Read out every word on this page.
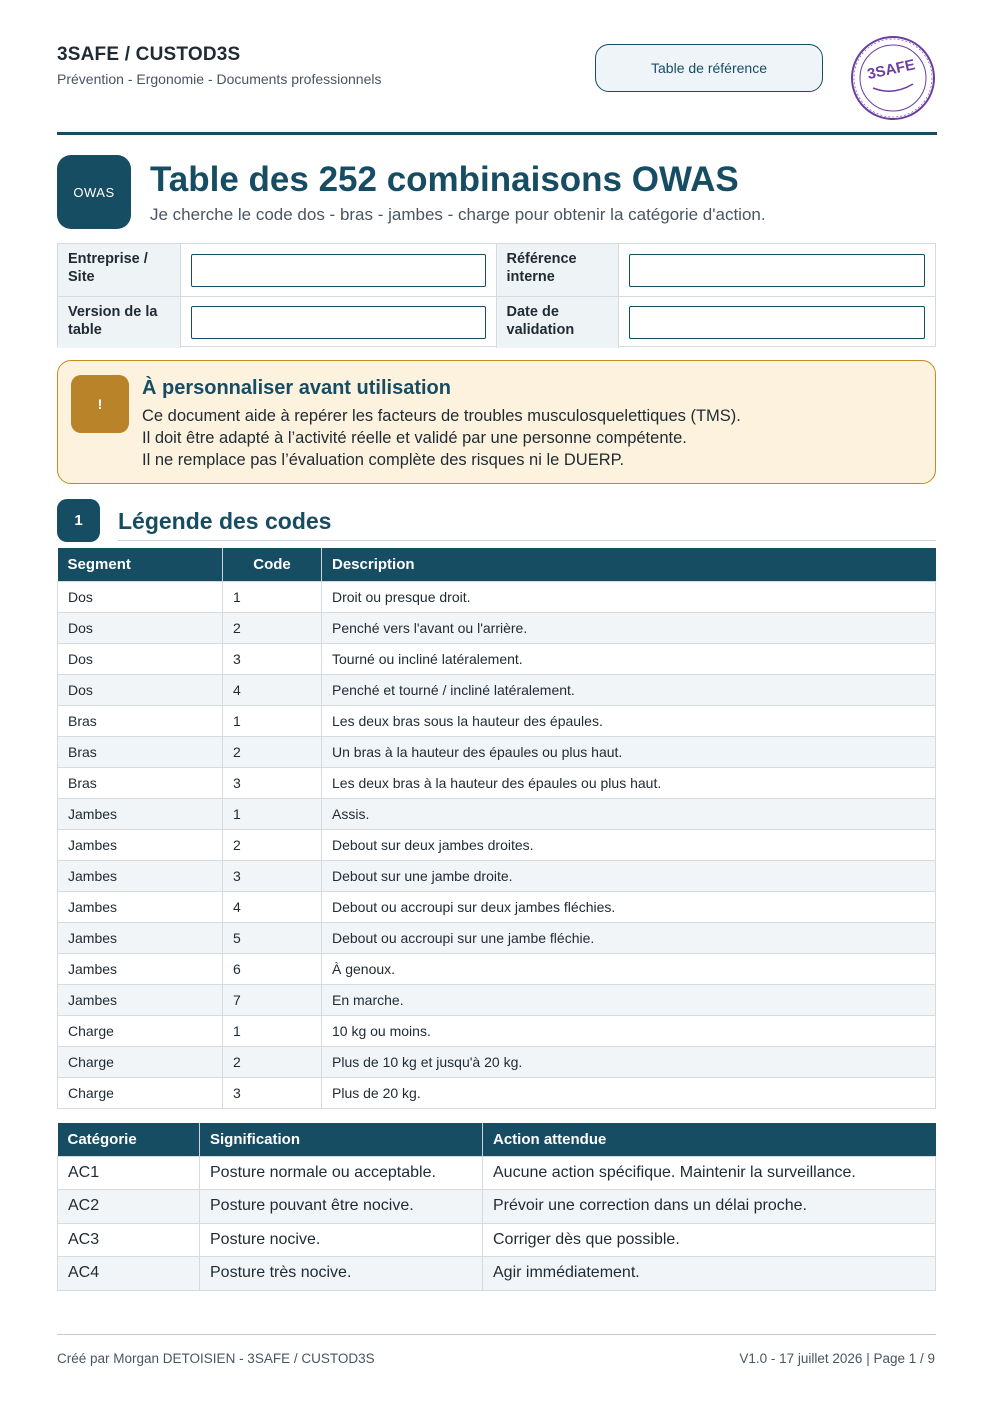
3SAFE / CUSTOD3S
Prévention - Ergonomie - Documents professionnels
Table de référence	3SAFE
OWAS	Table des 252 combinaisons OWAS
Je cherche le code dos - bras - jambes - charge pour obtenir la catégorie d'action.
Entreprise / Site
Référence interne
Version de la table
Date de validation
!
À personnaliser avant utilisation
Ce document aide à repérer les facteurs de troubles musculosquelettiques (TMS).
Il doit être adapté à l’activité réelle et validé par une personne compétente.
Il ne remplace pas l’évaluation complète des risques ni le DUERP.
1	Légende des codes
Segment	Code	Description
Dos	1	Droit ou presque droit.
Dos	2	Penché vers l'avant ou l'arrière.
Dos	3	Tourné ou incliné latéralement.
Dos	4	Penché et tourné / incliné latéralement.
Bras	1	Les deux bras sous la hauteur des épaules.
Bras	2	Un bras à la hauteur des épaules ou plus haut.
Bras	3	Les deux bras à la hauteur des épaules ou plus haut.
Jambes	1	Assis.
Jambes	2	Debout sur deux jambes droites.
Jambes	3	Debout sur une jambe droite.
Jambes	4	Debout ou accroupi sur deux jambes fléchies.
Jambes	5	Debout ou accroupi sur une jambe fléchie.
Jambes	6	À genoux.
Jambes	7	En marche.
Charge	1	10 kg ou moins.
Charge	2	Plus de 10 kg et jusqu'à 20 kg.
Charge	3	Plus de 20 kg.
Catégorie	Signification	Action attendue
AC1	Posture normale ou acceptable.	Aucune action spécifique. Maintenir la surveillance.
AC2	Posture pouvant être nocive.	Prévoir une correction dans un délai proche.
AC3	Posture nocive.	Corriger dès que possible.
AC4	Posture très nocive.	Agir immédiatement.
Créé par Morgan DETOISIEN - 3SAFE / CUSTOD3S	V1.0 - 17 juillet 2026 | Page 1 / 9
